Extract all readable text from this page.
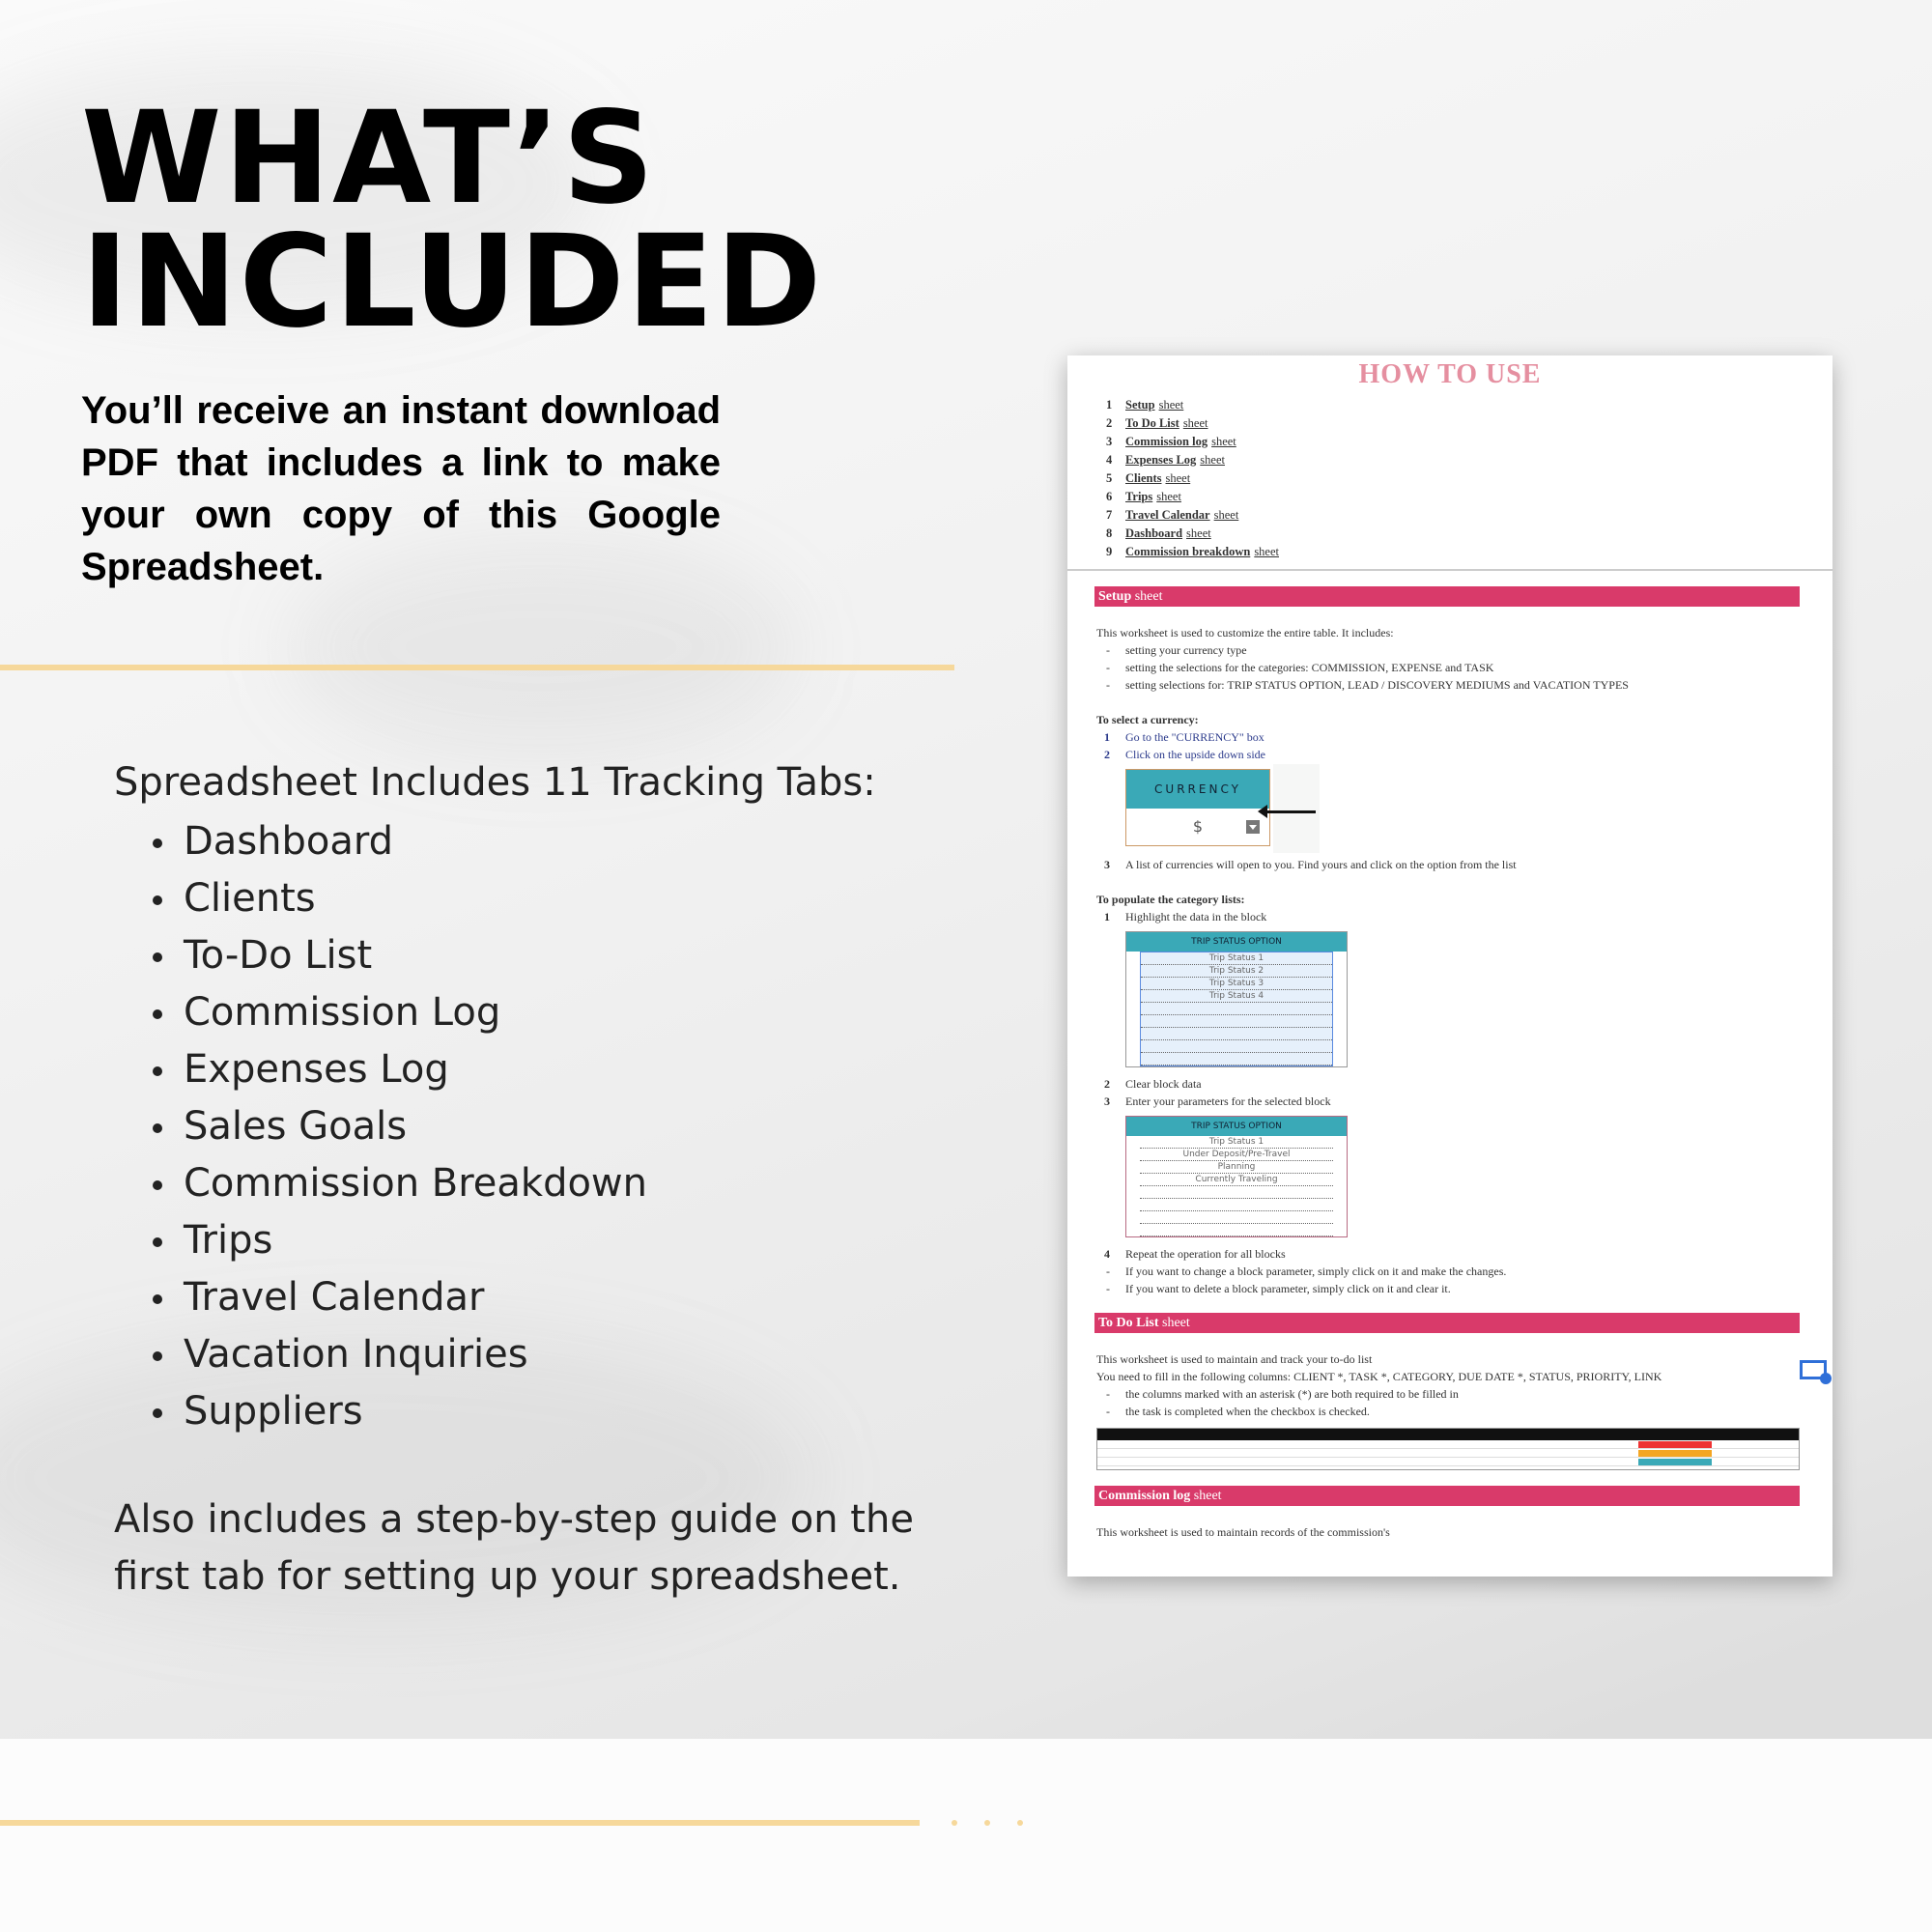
WHAT’S
INCLUDED

You’ll receive an instant download PDF that includes a link to make your own copy of this Google Spreadsheet.

Spreadsheet Includes 11 Tracking Tabs:
Dashboard
Clients
To-Do List
Commission Log
Expenses Log
Sales Goals
Commission Breakdown
Trips
Travel Calendar
Vacation Inquiries
Suppliers

Also includes a step-by-step guide on the first tab for setting up your spreadsheet.

HOW TO USE
1	Setup sheet
2	To Do List sheet
3	Commission log sheet
4	Expenses Log sheet
5	Clients sheet
6	Trips sheet
7	Travel Calendar sheet
8	Dashboard sheet
9	Commission breakdown sheet
Setup sheet
This worksheet is used to customize the entire table. It includes:
- setting your currency type
- setting the selections for the categories: COMMISSION, EXPENSE and TASK
- setting selections for: TRIP STATUS OPTION, LEAD / DISCOVERY MEDIUMS and VACATION TYPES
To select a currency:
1	Go to the "CURRENCY" box
2	Click on the upside down side
CURRENCY
$
3	A list of currencies will open to you. Find yours and click on the option from the list
To populate the category lists:
1	Highlight the data in the block
TRIP STATUS OPTION
Trip Status 1
Trip Status 2
Trip Status 3
Trip Status 4
2	Clear block data
3	Enter your parameters for the selected block
TRIP STATUS OPTION
Trip Status 1
Under Deposit/Pre-Travel
Planning
Currently Traveling
4	Repeat the operation for all blocks
- If you want to change a block parameter, simply click on it and make the changes.
- If you want to delete a block parameter, simply click on it and clear it.
To Do List sheet
This worksheet is used to maintain and track your to-do list
You need to fill in the following columns: CLIENT *, TASK *, CATEGORY, DUE DATE *, STATUS, PRIORITY, LINK
- the columns marked with an asterisk (*) are both required to be filled in
- the task is completed when the checkbox is checked.
Commission log sheet
This worksheet is used to maintain records of the commission's
